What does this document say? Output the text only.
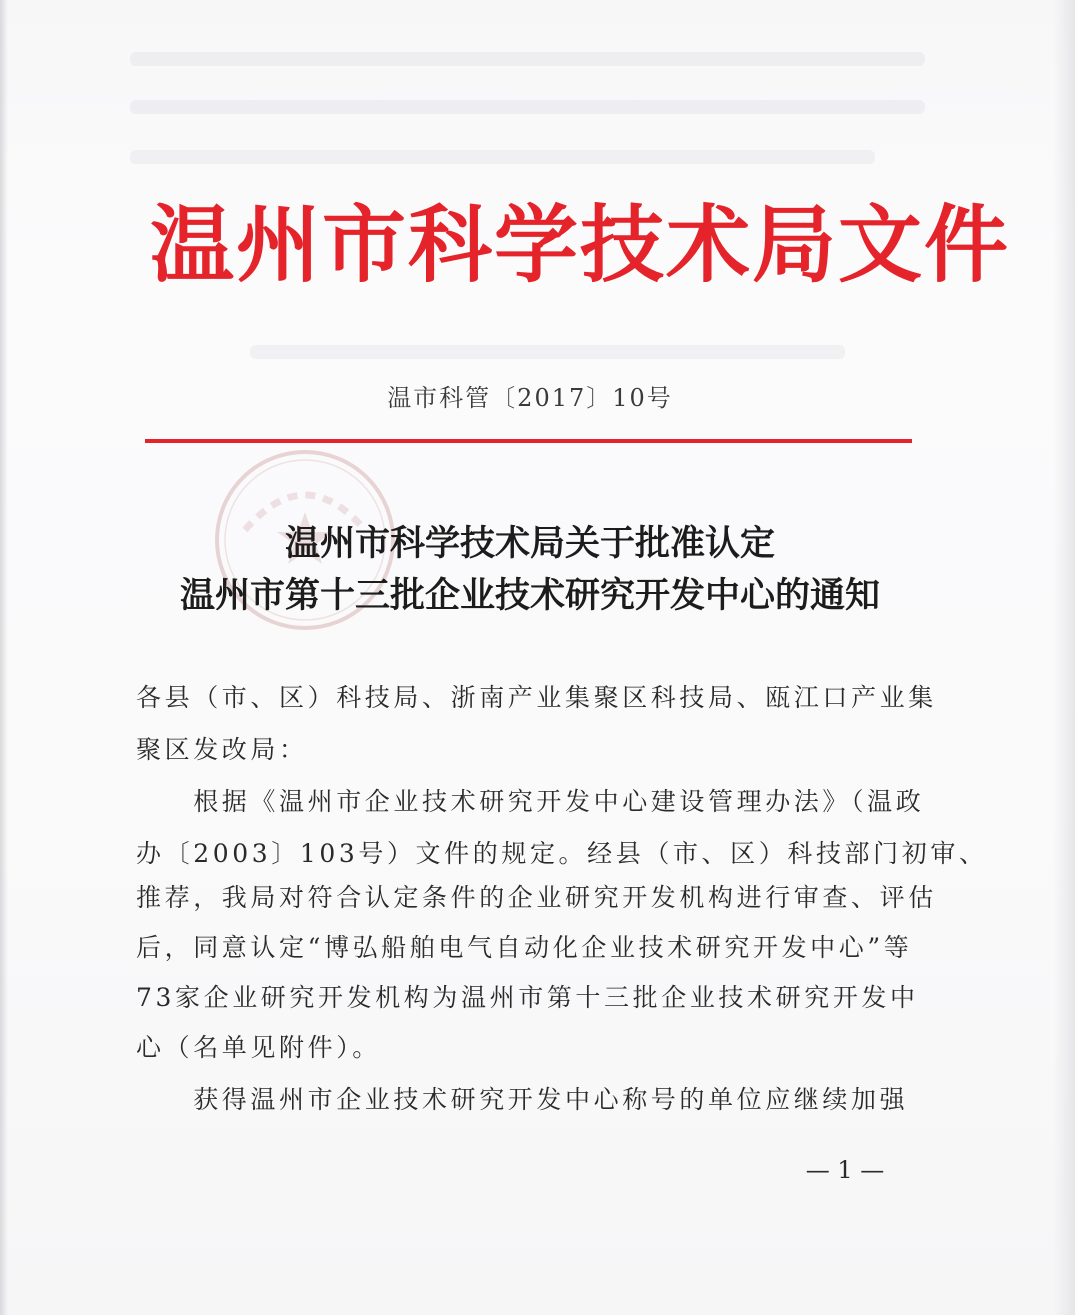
温州市科学技术局文件
温市科管〔2017〕10号
温州市科学技术局关于批准认定
温州市第十三批企业技术研究开发中心的通知
各县（市、区）科技局、浙南产业集聚区科技局、瓯江口产业集
聚区发改局：
　　根据《温州市企业技术研究开发中心建设管理办法》（温政
办〔2003〕103号）文件的规定。经县（市、区）科技部门初审、
推荐，我局对符合认定条件的企业研究开发机构进行审查、评估
后，同意认定“博弘船舶电气自动化企业技术研究开发中心”等
73家企业研究开发机构为温州市第十三批企业技术研究开发中
心（名单见附件）。
　　获得温州市企业技术研究开发中心称号的单位应继续加强
— 1 —
